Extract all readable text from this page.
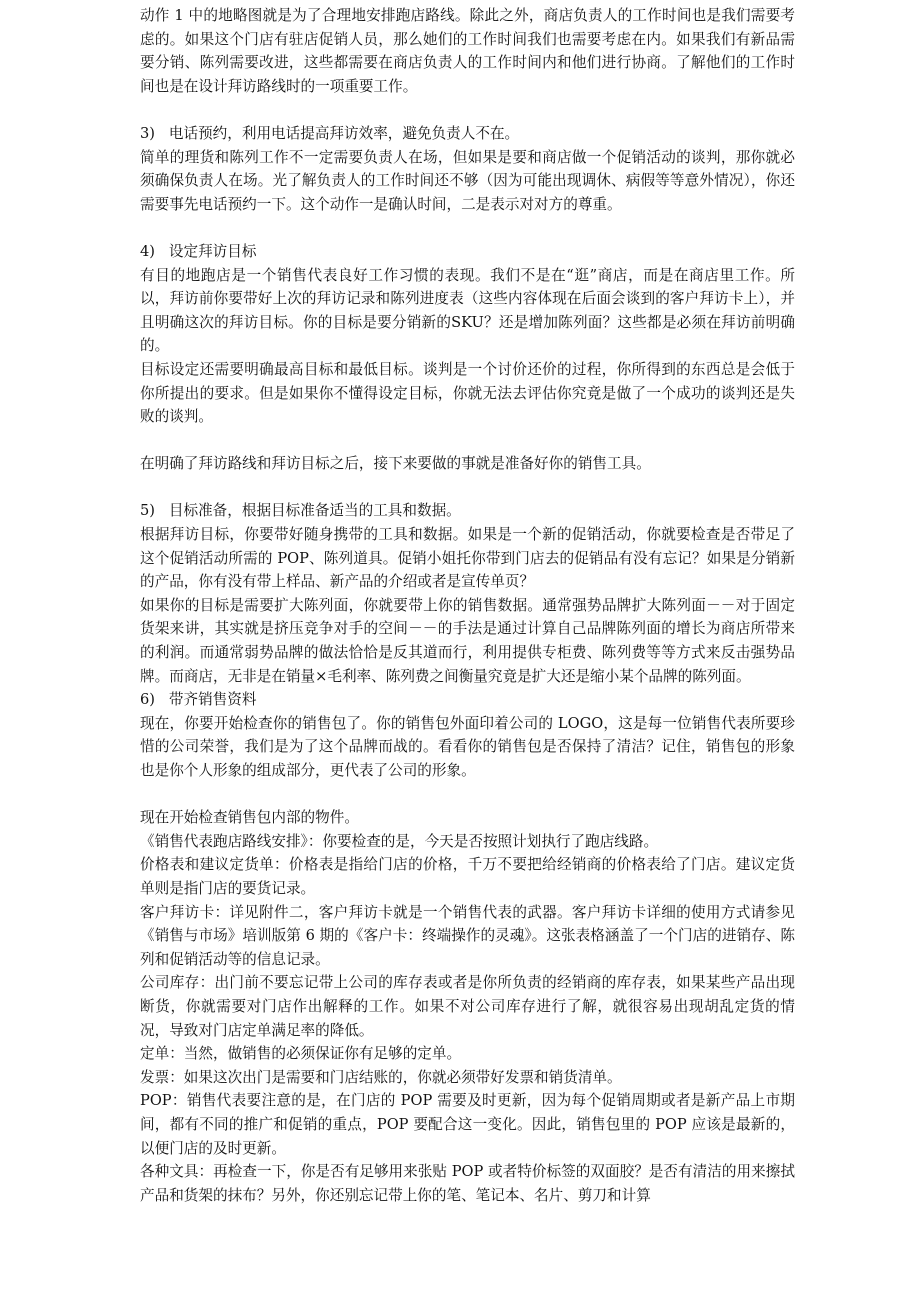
动作 1 中的地略图就是为了合理地安排跑店路线。除此之外，商店负责人的工作时间也是我们需要考虑的。如果这个门店有驻店促销人员，那么她们的工作时间我们也需要考虑在内。如果我们有新品需要分销、陈列需要改进，这些都需要在商店负责人的工作时间内和他们进行协商。了解他们的工作时间也是在设计拜访路线时的一项重要工作。

3)   电话预约，利用电话提高拜访效率，避免负责人不在。

简单的理货和陈列工作不一定需要负责人在场，但如果是要和商店做一个促销活动的谈判，那你就必须确保负责人在场。光了解负责人的工作时间还不够（因为可能出现调休、病假等等意外情况），你还需要事先电话预约一下。这个动作一是确认时间，二是表示对对方的尊重。

4)   设定拜访目标

有目的地跑店是一个销售代表良好工作习惯的表现。我们不是在“逛”商店，而是在商店里工作。所以，拜访前你要带好上次的拜访记录和陈列进度表（这些内容体现在后面会谈到的客户拜访卡上），并且明确这次的拜访目标。你的目标是要分销新的SKU？还是增加陈列面？这些都是必须在拜访前明确的。

目标设定还需要明确最高目标和最低目标。谈判是一个讨价还价的过程，你所得到的东西总是会低于你所提出的要求。但是如果你不懂得设定目标，你就无法去评估你究竟是做了一个成功的谈判还是失败的谈判。

在明确了拜访路线和拜访目标之后，接下来要做的事就是准备好你的销售工具。

5)   目标准备，根据目标准备适当的工具和数据。

根据拜访目标，你要带好随身携带的工具和数据。如果是一个新的促销活动，你就要检查是否带足了这个促销活动所需的 POP、陈列道具。促销小姐托你带到门店去的促销品有没有忘记？如果是分销新的产品，你有没有带上样品、新产品的介绍或者是宣传单页？

如果你的目标是需要扩大陈列面，你就要带上你的销售数据。通常强势品牌扩大陈列面－－对于固定货架来讲，其实就是挤压竞争对手的空间－－的手法是通过计算自己品牌陈列面的增长为商店所带来的利润。而通常弱势品牌的做法恰恰是反其道而行，利用提供专柜费、陈列费等等方式来反击强势品牌。而商店，无非是在销量×毛利率、陈列费之间衡量究竟是扩大还是缩小某个品牌的陈列面。

6)   带齐销售资料

现在，你要开始检查你的销售包了。你的销售包外面印着公司的 LOGO，这是每一位销售代表所要珍惜的公司荣誉，我们是为了这个品牌而战的。看看你的销售包是否保持了清洁？记住，销售包的形象也是你个人形象的组成部分，更代表了公司的形象。

现在开始检查销售包内部的物件。

《销售代表跑店路线安排》：你要检查的是，今天是否按照计划执行了跑店线路。

价格表和建议定货单：价格表是指给门店的价格，千万不要把给经销商的价格表给了门店。建议定货单则是指门店的要货记录。

客户拜访卡：详见附件二，客户拜访卡就是一个销售代表的武器。客户拜访卡详细的使用方式请参见《销售与市场》培训版第 6 期的《客户卡：终端操作的灵魂》。这张表格涵盖了一个门店的进销存、陈列和促销活动等的信息记录。

公司库存：出门前不要忘记带上公司的库存表或者是你所负责的经销商的库存表，如果某些产品出现断货，你就需要对门店作出解释的工作。如果不对公司库存进行了解，就很容易出现胡乱定货的情况，导致对门店定单满足率的降低。

定单：当然，做销售的必须保证你有足够的定单。

发票：如果这次出门是需要和门店结账的，你就必须带好发票和销货清单。

POP：销售代表要注意的是，在门店的 POP 需要及时更新，因为每个促销周期或者是新产品上市期间，都有不同的推广和促销的重点，POP 要配合这一变化。因此，销售包里的 POP 应该是最新的，以便门店的及时更新。

各种文具：再检查一下，你是否有足够用来张贴 POP 或者特价标签的双面胶？是否有清洁的用来擦拭产品和货架的抹布？另外，你还别忘记带上你的笔、笔记本、名片、剪刀和计算
